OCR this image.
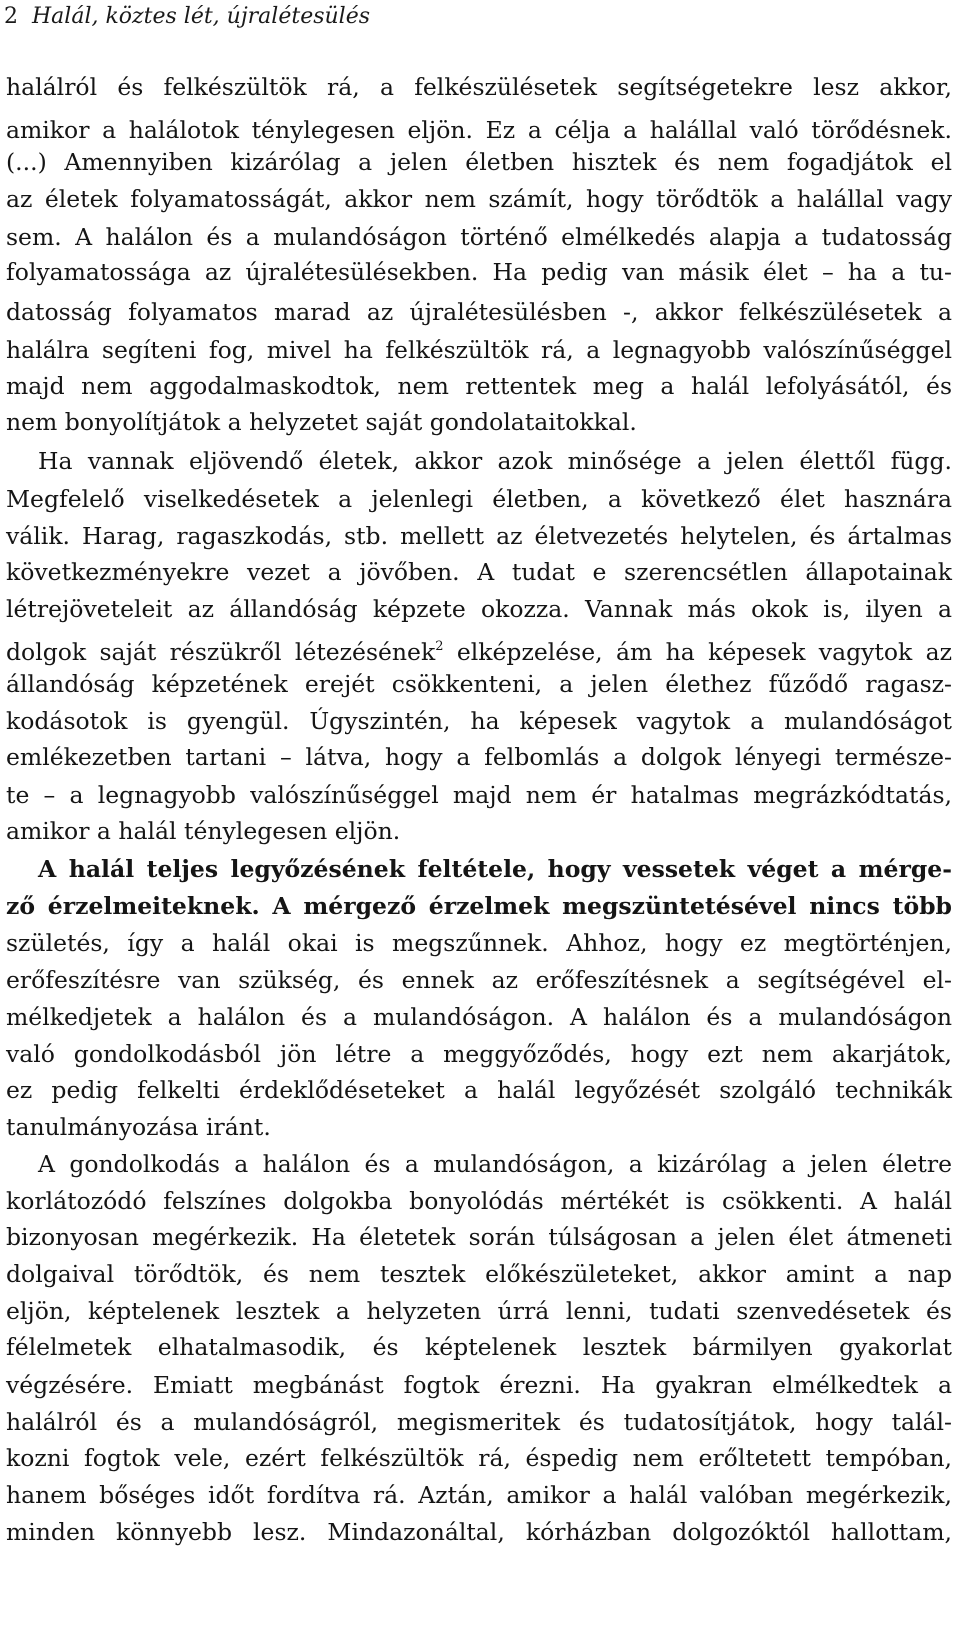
2 Halál, köztes lét, újralétesülés
halálról és felkészültök rá, a felkészülésetek segítségetekre lesz akkor,
amikor a halálotok ténylegesen eljön. Ez a célja a halállal való törődésnek.
(...) Amennyiben kizárólag a jelen életben hisztek és nem fogadjátok el
az életek folyamatosságát, akkor nem számít, hogy törődtök a halállal vagy
sem. A halálon és a mulandóságon történő elmélkedés alapja a tudatosság
folyamatossága az újralétesülésekben. Ha pedig van másik élet – ha a tu-
datosság folyamatos marad az újralétesülésben -, akkor felkészülésetek a
halálra segíteni fog, mivel ha felkészültök rá, a legnagyobb valószínűséggel
majd nem aggodalmaskodtok, nem rettentek meg a halál lefolyásától, és
nem bonyolítjátok a helyzetet saját gondolataitokkal.
Ha vannak eljövendő életek, akkor azok minősége a jelen élettől függ.
Megfelelő viselkedésetek a jelenlegi életben, a következő élet hasznára
válik. Harag, ragaszkodás, stb. mellett az életvezetés helytelen, és ártalmas
következményekre vezet a jövőben. A tudat e szerencsétlen állapotainak
létrejöveteleit az állandóság képzete okozza. Vannak más okok is, ilyen a
dolgok saját részükről létezésének$^2$ elképzelése, ám ha képesek vagytok az
állandóság képzetének erejét csökkenteni, a jelen élethez fűződő ragasz-
kodásotok is gyengül. Úgyszintén, ha képesek vagytok a mulandóságot
emlékezetben tartani – látva, hogy a felbomlás a dolgok lényegi természe-
te – a legnagyobb valószínűséggel majd nem ér hatalmas megrázkódtatás,
amikor a halál ténylegesen eljön.
A halál teljes legyőzésének feltétele, hogy vessetek véget a mérge-
ző érzelmeiteknek. A mérgező érzelmek megszüntetésével nincs több
születés, így a halál okai is megszűnnek. Ahhoz, hogy ez megtörténjen,
erőfeszítésre van szükség, és ennek az erőfeszítésnek a segítségével el-
mélkedjetek a halálon és a mulandóságon. A halálon és a mulandóságon
való gondolkodásból jön létre a meggyőződés, hogy ezt nem akarjátok,
ez pedig felkelti érdeklődéseteket a halál legyőzését szolgáló technikák
tanulmányozása iránt.
A gondolkodás a halálon és a mulandóságon, a kizárólag a jelen életre
korlátozódó felszínes dolgokba bonyolódás mértékét is csökkenti. A halál
bizonyosan megérkezik. Ha életetek során túlságosan a jelen élet átmeneti
dolgaival törődtök, és nem tesztek előkészületeket, akkor amint a nap
eljön, képtelenek lesztek a helyzeten úrrá lenni, tudati szenvedésetek és
félelmetek elhatalmasodik, és képtelenek lesztek bármilyen gyakorlat
végzésére. Emiatt megbánást fogtok érezni. Ha gyakran elmélkedtek a
halálról és a mulandóságról, megismeritek és tudatosítjátok, hogy talál-
kozni fogtok vele, ezért felkészültök rá, éspedig nem erőltetett tempóban,
hanem bőséges időt fordítva rá. Aztán, amikor a halál valóban megérkezik,
minden könnyebb lesz. Mindazonáltal, kórházban dolgozóktól hallottam,
